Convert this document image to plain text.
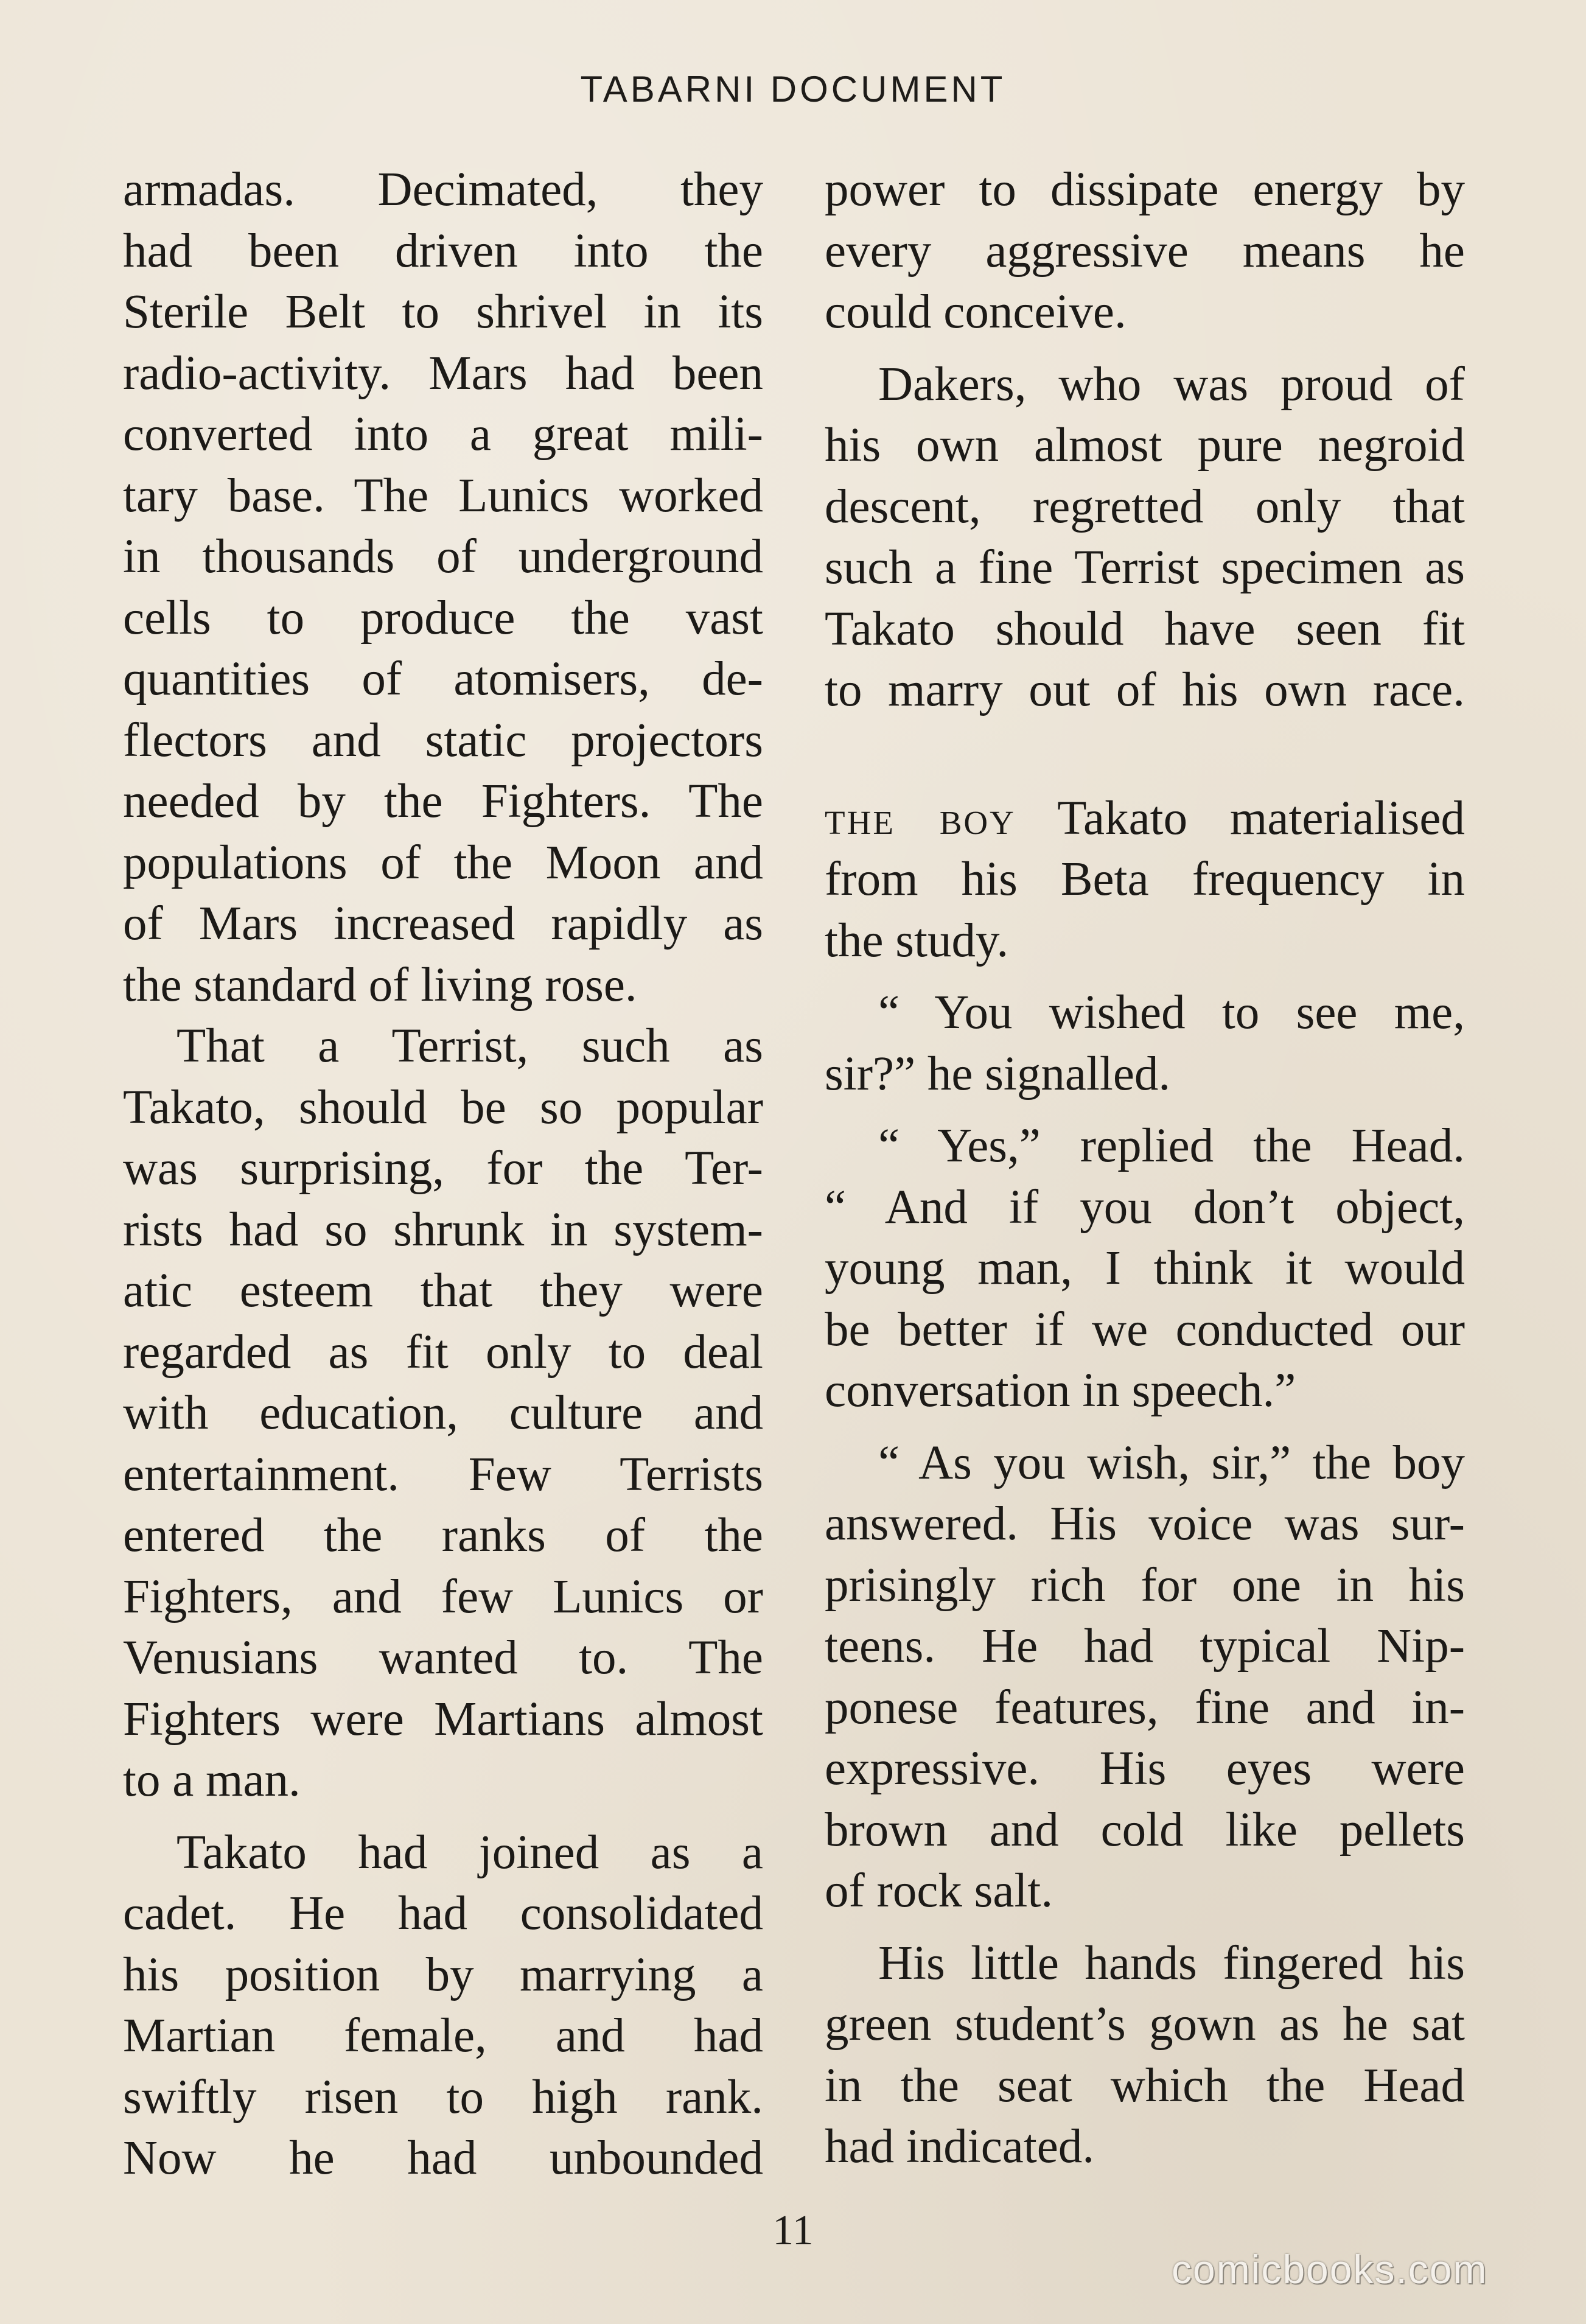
TABARNI DOCUMENT
armadas. Decimated, they
had been driven into the
Sterile Belt to shrivel in its
radio-activity. Mars had been
converted into a great mili-
tary base. The Lunics worked
in thousands of underground
cells to produce the vast
quantities of atomisers, de-
flectors and static projectors
needed by the Fighters. The
populations of the Moon and
of Mars increased rapidly as
the standard of living rose.
That a Terrist, such as
Takato, should be so popular
was surprising, for the Ter-
rists had so shrunk in system-
atic esteem that they were
regarded as fit only to deal
with education, culture and
entertainment. Few Terrists
entered the ranks of the
Fighters, and few Lunics or
Venusians wanted to. The
Fighters were Martians almost
to a man.
Takato had joined as a
cadet. He had consolidated
his position by marrying a
Martian female, and had
swiftly risen to high rank.
Now he had unbounded
power to dissipate energy by
every aggressive means he
could conceive.
Dakers, who was proud of
his own almost pure negroid
descent, regretted only that
such a fine Terrist specimen as
Takato should have seen fit
to marry out of his own race.
the boy Takato materialised
from his Beta frequency in
the study.
“ You wished to see me,
sir?” he signalled.
“ Yes,” replied the Head.
“ And if you don’t object,
young man, I think it would
be better if we conducted our
conversation in speech.”
“ As you wish, sir,” the boy
answered. His voice was sur-
prisingly rich for one in his
teens. He had typical Nip-
ponese features, fine and in-
expressive. His eyes were
brown and cold like pellets
of rock salt.
His little hands fingered his
green student’s gown as he sat
in the seat which the Head
had indicated.
11
comicbooks.com
